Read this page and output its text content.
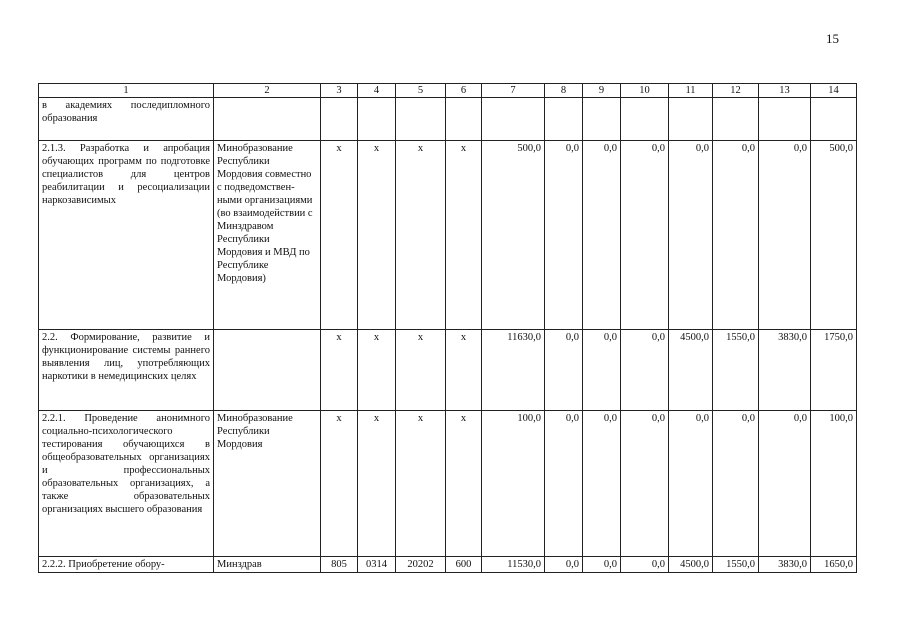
15
1	2	3	4	5	6	7	8	9	10	11	12	13	14
в академиях последипломного образования													
2.1.3. Разработка и апробация обучающих программ по подготовке специалистов для центров реабилитации и ресоциализации наркозависимых	Минобразование Республики Мордовия совместно с подведомствен-ными организациями (во взаимодействии с Минздравом Республики Мордовия и МВД по Республике Мордовия)	х	х	х	х	500,0	0,0	0,0	0,0	0,0	0,0	0,0	500,0
2.2. Формирование, развитие и функционирование системы раннего выявления лиц, употребляющих наркотики в немедицинских целях		х	х	х	х	11630,0	0,0	0,0	0,0	4500,0	1550,0	3830,0	1750,0
2.2.1. Проведение анонимного социально-психологического тестирования обучающихся в общеобразовательных организациях и профессиональных образовательных организациях, а также образовательных организациях высшего образования	Минобразование Республики Мордовия	х	х	х	х	100,0	0,0	0,0	0,0	0,0	0,0	0,0	100,0
2.2.2. Приобретение обору-	Минздрав	805	0314	20202	600	11530,0	0,0	0,0	0,0	4500,0	1550,0	3830,0	1650,0
